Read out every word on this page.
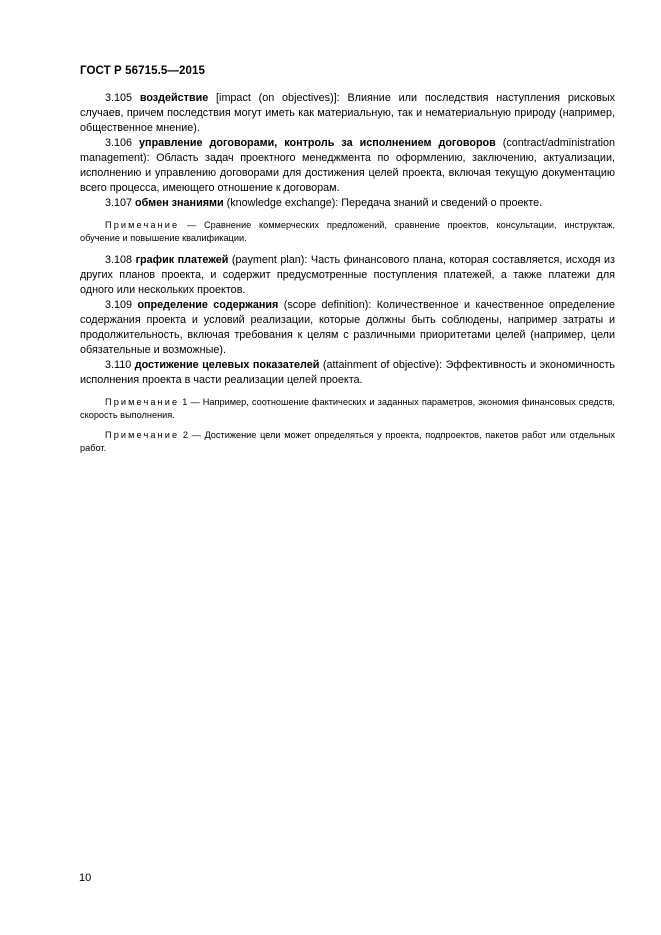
ГОСТ Р 56715.5—2015

3.105 воздействие [impact (on objectives)]: Влияние или последствия наступления рисковых случаев, причем последствия могут иметь как материальную, так и нематериальную природу (например, общественное мнение).

3.106 управление договорами, контроль за исполнением договоров (contract/administration management): Область задач проектного менеджмента по оформлению, заключению, актуализации, исполнению и управлению договорами для достижения целей проекта, включая текущую документацию всего процесса, имеющего отношение к договорам.

3.107 обмен знаниями (knowledge exchange): Передача знаний и сведений о проекте.

Примечание — Сравнение коммерческих предложений, сравнение проектов, консультации, инструктаж, обучение и повышение квалификации.

3.108 график платежей (payment plan): Часть финансового плана, которая составляется, исходя из других планов проекта, и содержит предусмотренные поступления платежей, а также платежи для одного или нескольких проектов.

3.109 определение содержания (scope definition): Количественное и качественное определение содержания проекта и условий реализации, которые должны быть соблюдены, например затраты и продолжительность, включая требования к целям с различными приоритетами целей (например, цели обязательные и возможные).

3.110 достижение целевых показателей (attainment of objective): Эффективность и экономичность исполнения проекта в части реализации целей проекта.

Примечание 1 — Например, соотношение фактических и заданных параметров, экономия финансовых средств, скорость выполнения.

Примечание 2 — Достижение цели может определяться у проекта, подпроектов, пакетов работ или отдельных работ.

10
